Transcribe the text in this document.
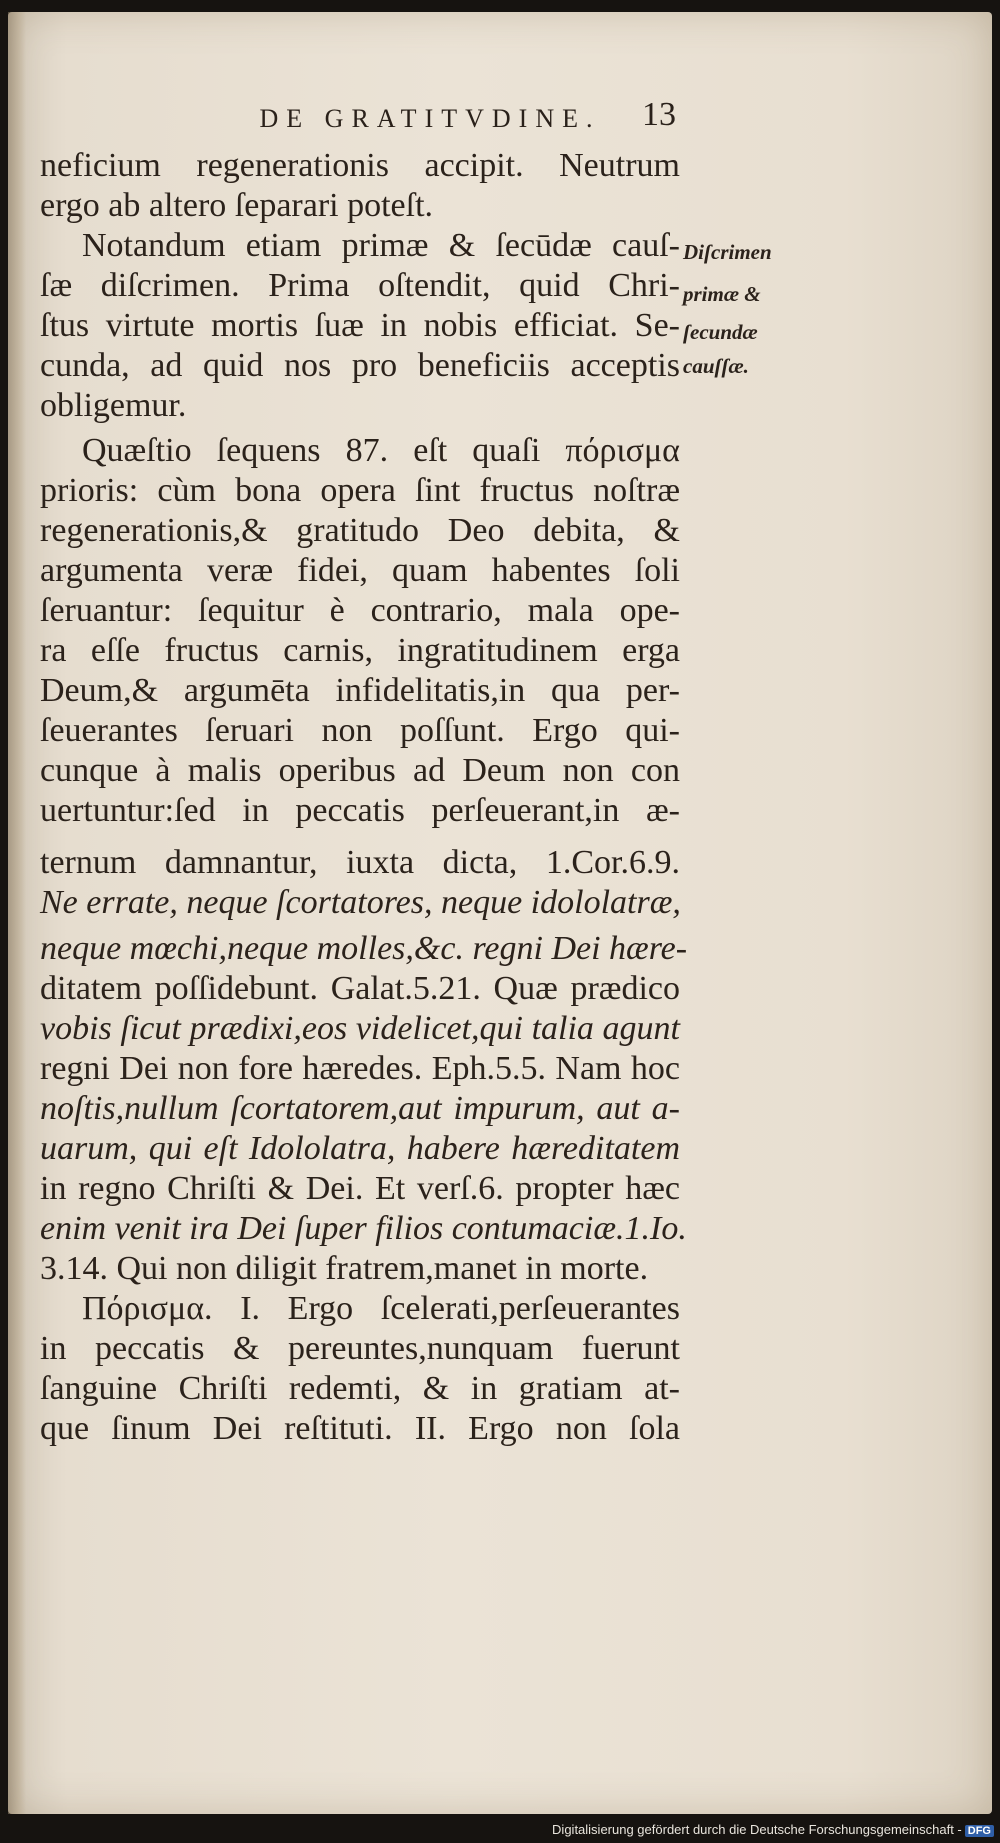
DE GRATITVDINE.	13
neficium regenerationis accipit. Neutrum
ergo ab altero ſeparari poteſt.
Notandum etiam primæ & ſecūdæ cauſ-
ſæ diſcrimen. Prima oſtendit, quid Chri-
ſtus virtute mortis ſuæ in nobis efficiat. Se-
cunda, ad quid nos pro beneficiis acceptis
obligemur.
Quæſtio ſequens 87. eſt quaſi πόρισμα
prioris: cùm bona opera ſint fructus noſtræ
regenerationis,& gratitudo Deo debita, &
argumenta veræ fidei, quam habentes ſoli
ſeruantur: ſequitur è contrario, mala ope-
ra eſſe fructus carnis, ingratitudinem erga
Deum,& argumēta infidelitatis,in qua per-
ſeuerantes ſeruari non poſſunt. Ergo qui-
cunque à malis operibus ad Deum non con
uertuntur:ſed in peccatis perſeuerant,in æ-
ternum damnantur, iuxta dicta, 1.Cor.6.9.
Ne errate, neque ſcortatores, neque idololatræ,
neque mœchi,neque molles,&c. regni Dei hære-
ditatem poſſidebunt. Galat.5.21. Quæ prædico
vobis ſicut prædixi,eos videlicet,qui talia agunt
regni Dei non fore hæredes. Eph.5.5. Nam hoc
noſtis,nullum ſcortatorem,aut impurum, aut a-
uarum, qui eſt Idololatra, habere hæreditatem
in regno Chriſti & Dei. Et verſ.6. propter hæc
enim venit ira Dei ſuper filios contumaciæ.1.Io.
3.14. Qui non diligit fratrem,manet in morte.
Πόρισμα. I. Ergo ſcelerati,perſeuerantes
in peccatis & pereuntes,nunquam fuerunt
ſanguine Chriſti redemti, & in gratiam at-
que ſinum Dei reſtituti. II. Ergo non ſola
Diſcrimen
primæ &
ſecundæ
cauſſæ.
Digitalisierung gefördert durch die Deutsche Forschungsgemeinschaft - DFG
